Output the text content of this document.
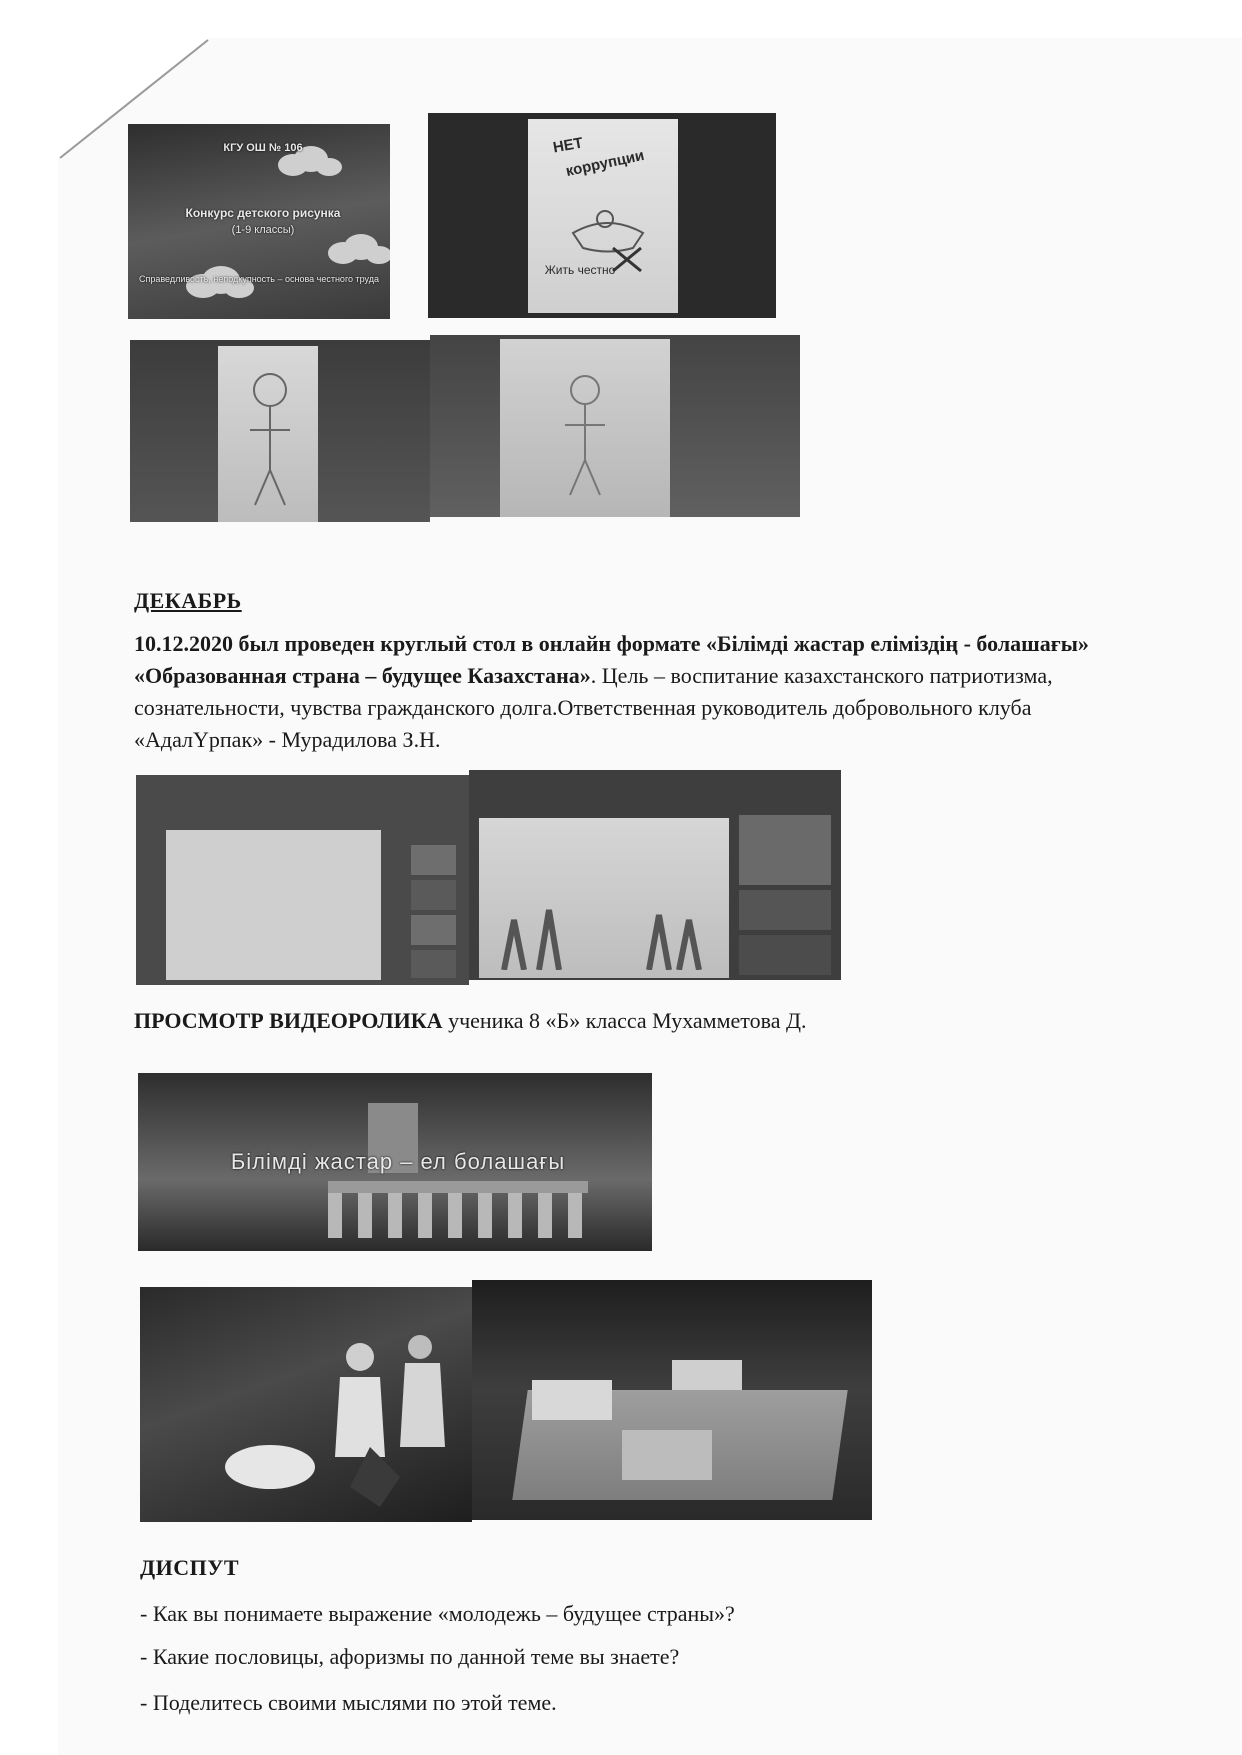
КГУ ОШ № 106
Конкурс детского рисунка
(1-9 классы)
Справедливость, неподкупность – основа честного труда
НЕТ
коррупции
Жить честно
ДЕКАБРЬ
10.12.2020 был проведен круглый стол в онлайн формате «Білімді жастар еліміздің - болашағы» «Образованная страна – будущее Казахстана». Цель – воспитание казахстанского патриотизма, сознательности, чувства гражданского долга.Ответственная руководитель добровольного клуба «АдалҮрпак» - Мурадилова З.Н.
ПРОСМОТР ВИДЕОРОЛИКА ученика 8 «Б» класса Мухамметова Д.
Білімді жастар – ел болашағы
ДИСПУТ
- Как вы понимаете выражение «молодежь – будущее страны»?
- Какие пословицы, афоризмы по данной теме вы знаете?
- Поделитесь своими мыслями по этой теме.
